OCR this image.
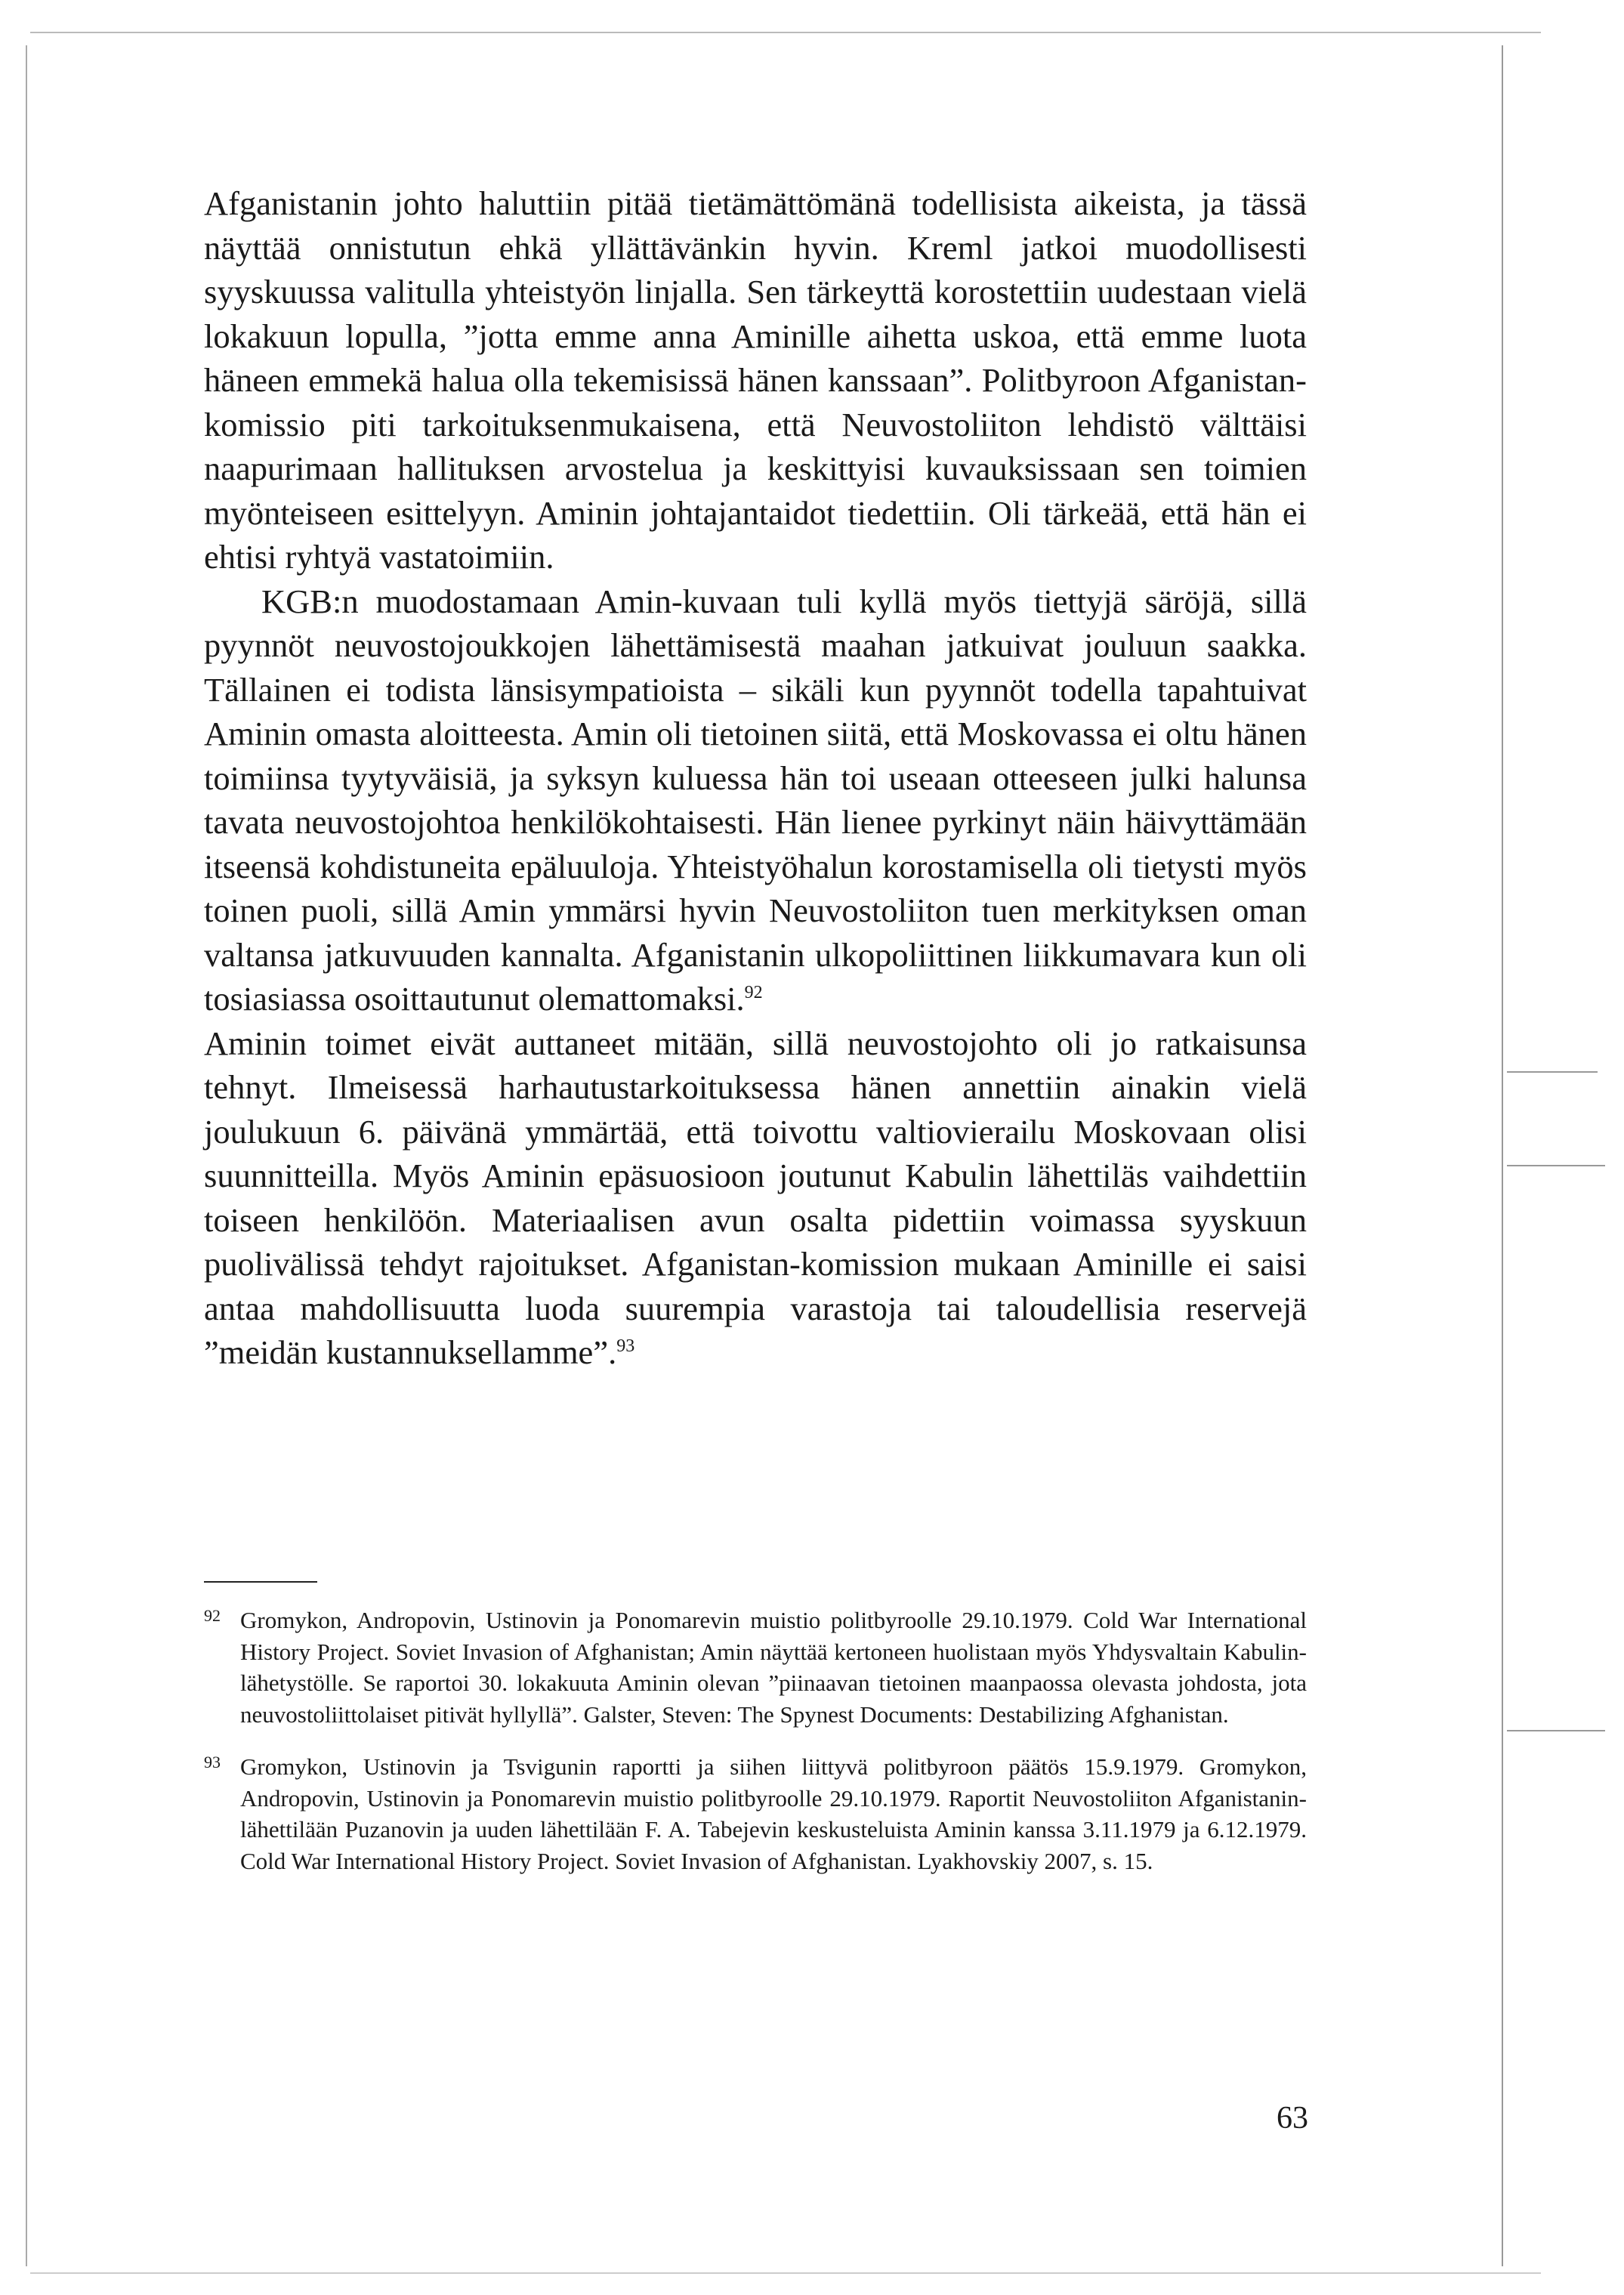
Afganistanin johto haluttiin pitää tietämättömänä todellisista aikeista, ja tässä näyttää onnistutun ehkä yllättävänkin hyvin. Kreml jatkoi muodollisesti syyskuussa valitulla yhteistyön linjalla. Sen tärkeyttä korostettiin uudestaan vielä lokakuun lopulla, ”jotta emme anna Aminille aihetta uskoa, että emme luota häneen emmekä halua olla tekemisissä hänen kanssaan”. Politbyroon Afganistan-komissio piti tarkoituksenmukaisena, että Neuvostoliiton lehdistö välttäisi naapurimaan hallituksen arvostelua ja keskittyisi kuvauksissaan sen toimien myönteiseen esittelyyn. Aminin johtajantaidot tiedettiin. Oli tärkeää, että hän ei ehtisi ryhtyä vastatoimiin.

KGB:n muodostamaan Amin-kuvaan tuli kyllä myös tiettyjä säröjä, sillä pyynnöt neuvostojoukkojen lähettämisestä maahan jatkuivat jouluun saakka. Tällainen ei todista länsisympatioista – sikäli kun pyynnöt todella tapahtuivat Aminin omasta aloitteesta. Amin oli tietoinen siitä, että Moskovassa ei oltu hänen toimiinsa tyytyväisiä, ja syksyn kuluessa hän toi useaan otteeseen julki halunsa tavata neuvostojohtoa henkilökohtaisesti. Hän lienee pyrkinyt näin häivyttämään itseensä kohdistuneita epäluuloja. Yhteistyöhalun korostamisella oli tietysti myös toinen puoli, sillä Amin ymmärsi hyvin Neuvostoliiton tuen merkityksen oman valtansa jatkuvuuden kannalta. Afganistanin ulkopoliittinen liikkumavara kun oli tosiasiassa osoittautunut olemattomaksi.$^{92}$

Aminin toimet eivät auttaneet mitään, sillä neuvostojohto oli jo ratkaisunsa tehnyt. Ilmeisessä harhautustarkoituksessa hänen annettiin ainakin vielä joulukuun 6. päivänä ymmärtää, että toivottu valtiovierailu Moskovaan olisi suunnitteilla. Myös Aminin epäsuosioon joutunut Kabulin lähettiläs vaihdettiin toiseen henkilöön. Materiaalisen avun osalta pidettiin voimassa syyskuun puolivälissä tehdyt rajoitukset. Afganistan-komission mukaan Aminille ei saisi antaa mahdollisuutta luoda suurempia varastoja tai taloudellisia reservejä ”meidän kustannuksellamme”.$^{93}$

92 Gromykon, Andropovin, Ustinovin ja Ponomarevin muistio politbyroolle 29.10.1979. Cold War International History Project. Soviet Invasion of Afghanistan; Amin näyttää kertoneen huolistaan myös Yhdysvaltain Kabulin-lähetystölle. Se raportoi 30. lokakuuta Aminin olevan ”piinaavan tietoinen maanpaossa olevasta johdosta, jota neuvostoliittolaiset pitivät hyllyllä”. Galster, Steven: The Spynest Documents: Destabilizing Afghanistan.
93 Gromykon, Ustinovin ja Tsvigunin raportti ja siihen liittyvä politbyroon päätös 15.9.1979. Gromykon, Andropovin, Ustinovin ja Ponomarevin muistio politbyroolle 29.10.1979. Raportit Neuvostoliiton Afganistanin-lähettilään Puzanovin ja uuden lähettilään F. A. Tabejevin keskusteluista Aminin kanssa 3.11.1979 ja 6.12.1979. Cold War International History Project. Soviet Invasion of Afghanistan. Lyakhovskiy 2007, s. 15.
63
